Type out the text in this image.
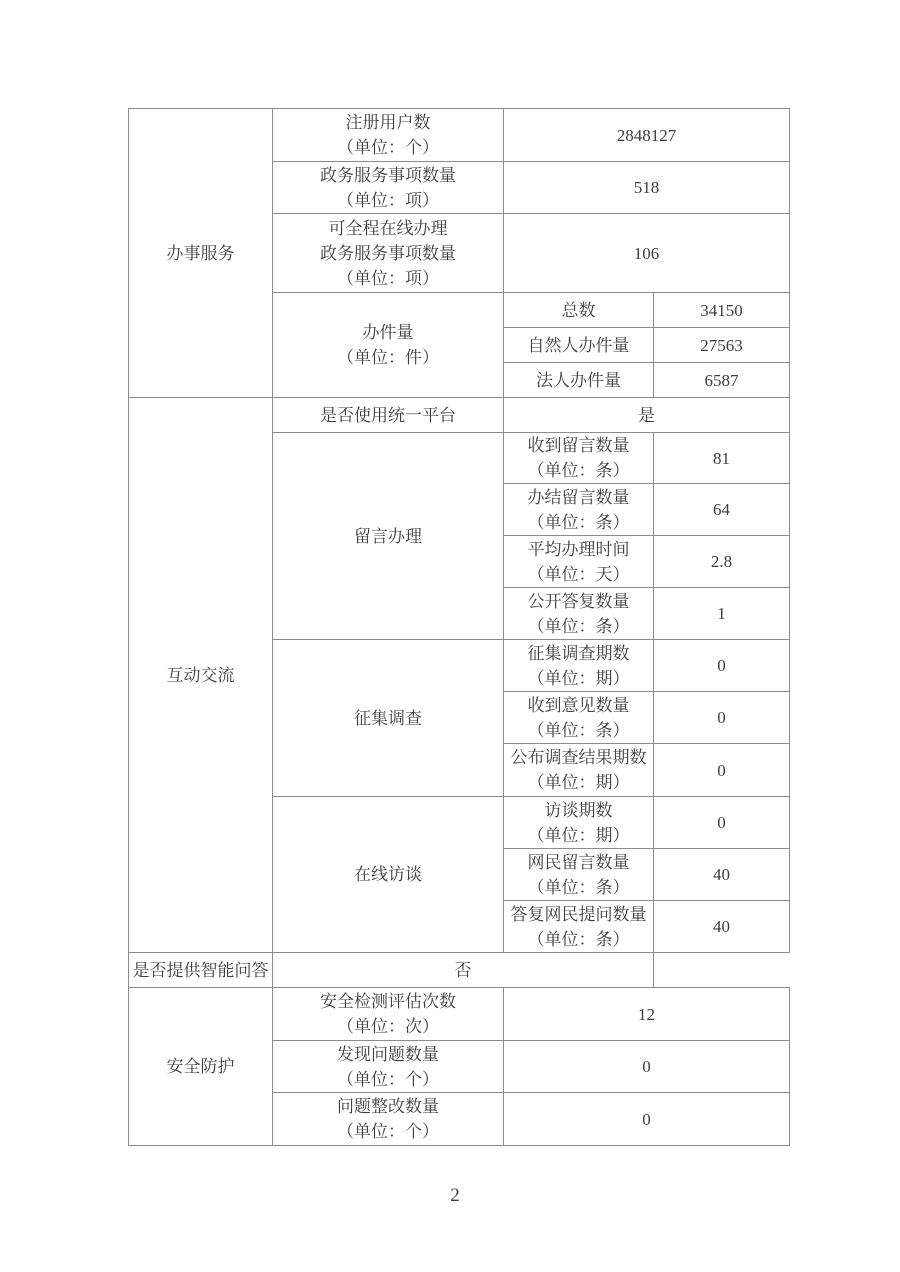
办事服务	注册用户数
（单位：个）	2848127	

	政务服务事项数量
（单位：项）	518	

	可全程在线办理
政务服务事项数量
（单位：项）	106	

	办件量
（单位：件）	总数	34150
		自然人办件量	27563
		法人办件量	6587
互动交流	是否使用统一平台	是	
	留言办理	收到留言数量
（单位：条）	81

		办结留言数量
（单位：条）	64

		平均办理时间
（单位：天）	2.8

		公开答复数量
（单位：条）	1
	征集调查	征集调查期数
（单位：期）	0

		收到意见数量
（单位：条）	0

		公布调查结果期数
（单位：期）	0
	在线访谈	访谈期数
（单位：期）	0

		网民留言数量
（单位：条）	40

		答复网民提问数量
（单位：条）	40
是否提供智能问答	否		
安全防护	安全检测评估次数
（单位：次）	12	

	发现问题数量
（单位：个）	0	

	问题整改数量
（单位：个）	0	
2
